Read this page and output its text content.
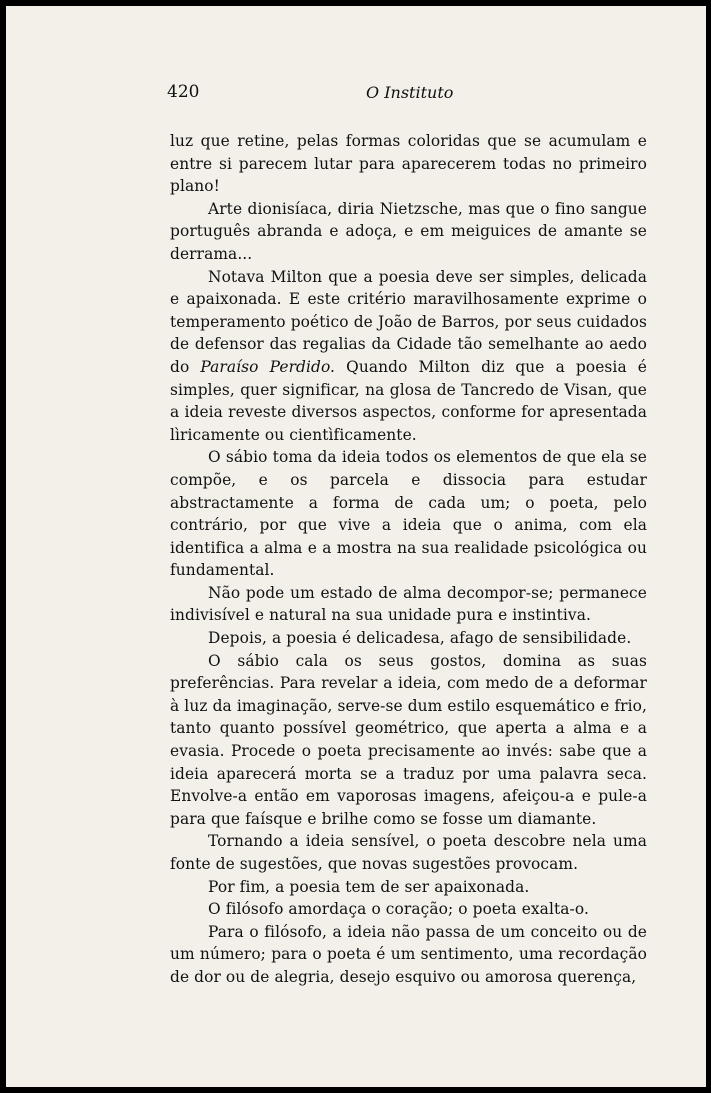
420	O Instituto

luz que retine, pelas formas coloridas que se acumulam e entre si parecem lutar para aparecerem todas no primeiro plano!

Arte dionisíaca, diria Nietzsche, mas que o fino sangue português abranda e adoça, e em meiguices de amante se derrama...

Notava Milton que a poesia deve ser simples, delicada e apaixonada. E este critério maravilhosamente exprime o temperamento poético de João de Barros, por seus cuidados de defensor das regalias da Cidade tão semelhante ao aedo do Paraíso Perdido. Quando Milton diz que a poesia é simples, quer significar, na glosa de Tancredo de Visan, que a ideia reveste diversos aspectos, conforme for apresentada lìricamente ou cientìficamente.

O sábio toma da ideia todos os elementos de que ela se compõe, e os parcela e dissocia para estudar abstractamente a forma de cada um; o poeta, pelo contrário, por que vive a ideia que o anima, com ela identifica a alma e a mostra na sua realidade psicológica ou fundamental.

Não pode um estado de alma decompor-se; permanece indivisível e natural na sua unidade pura e instintiva.

Depois, a poesia é delicadesa, afago de sensibilidade.

O sábio cala os seus gostos, domina as suas preferências. Para revelar a ideia, com medo de a deformar à luz da imaginação, serve-se dum estilo esquemático e frio, tanto quanto possível geométrico, que aperta a alma e a evasia. Procede o poeta precisamente ao invés: sabe que a ideia aparecerá morta se a traduz por uma palavra seca. Envolve-a então em vaporosas imagens, afeiçou-a e pule-a para que faísque e brilhe como se fosse um diamante.

Tornando a ideia sensível, o poeta descobre nela uma fonte de sugestões, que novas sugestões provocam.

Por fim, a poesia tem de ser apaixonada.

O filósofo amordaça o coração; o poeta exalta-o.

Para o filósofo, a ideia não passa de um conceito ou de um número; para o poeta é um sentimento, uma recordação de dor ou de alegria, desejo esquivo ou amorosa querença,
